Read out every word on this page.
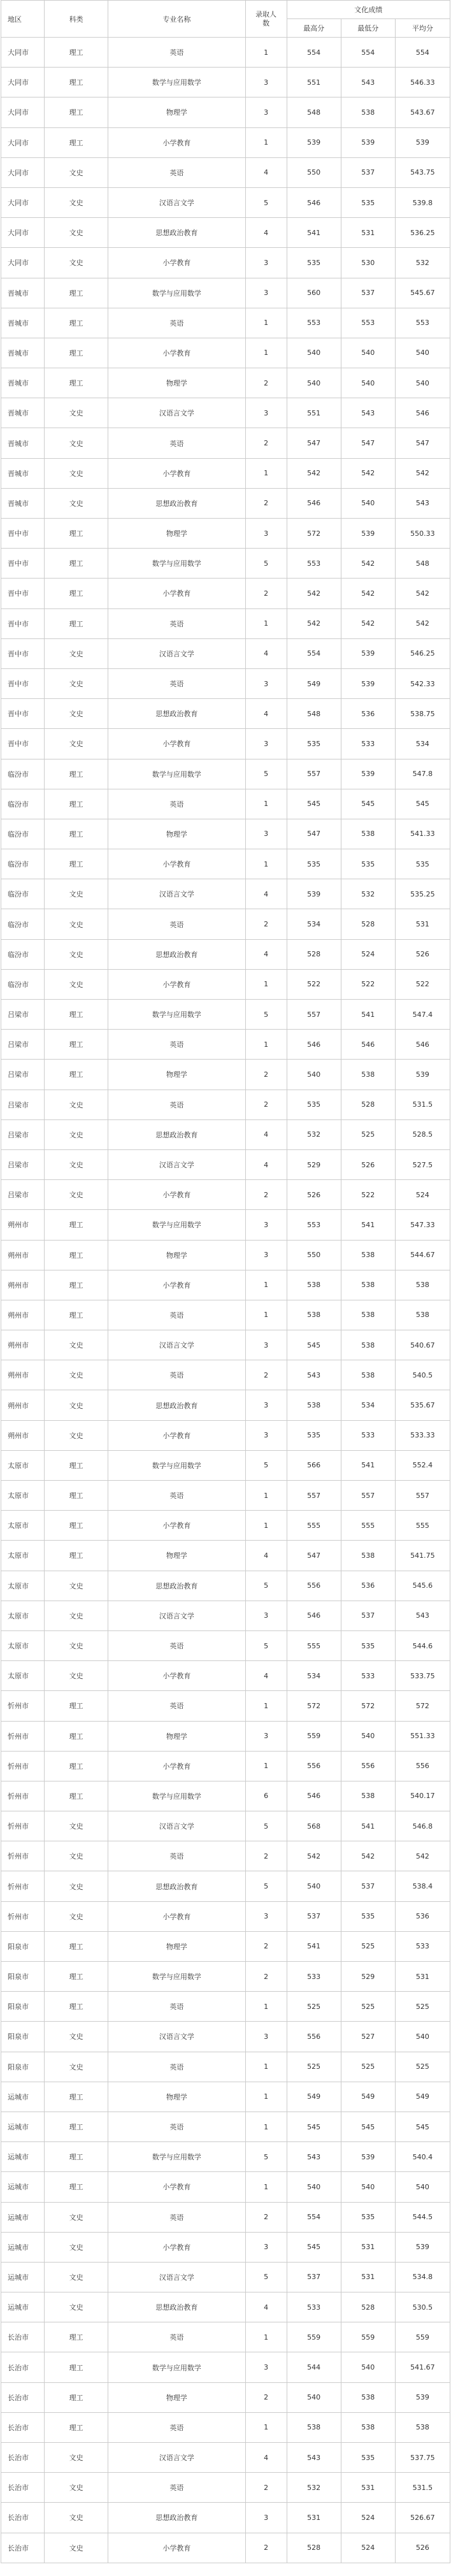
地区	科类	专业名称	录取人数	文化成绩		
				最高分	最低分	平均分
大同市	理工	英语	1	554	554	554
大同市	理工	数学与应用数学	3	551	543	546.33
大同市	理工	物理学	3	548	538	543.67
大同市	理工	小学教育	1	539	539	539
大同市	文史	英语	4	550	537	543.75
大同市	文史	汉语言文学	5	546	535	539.8
大同市	文史	思想政治教育	4	541	531	536.25
大同市	文史	小学教育	3	535	530	532
晋城市	理工	数学与应用数学	3	560	537	545.67
晋城市	理工	英语	1	553	553	553
晋城市	理工	小学教育	1	540	540	540
晋城市	理工	物理学	2	540	540	540
晋城市	文史	汉语言文学	3	551	543	546
晋城市	文史	英语	2	547	547	547
晋城市	文史	小学教育	1	542	542	542
晋城市	文史	思想政治教育	2	546	540	543
晋中市	理工	物理学	3	572	539	550.33
晋中市	理工	数学与应用数学	5	553	542	548
晋中市	理工	小学教育	2	542	542	542
晋中市	理工	英语	1	542	542	542
晋中市	文史	汉语言文学	4	554	539	546.25
晋中市	文史	英语	3	549	539	542.33
晋中市	文史	思想政治教育	4	548	536	538.75
晋中市	文史	小学教育	3	535	533	534
临汾市	理工	数学与应用数学	5	557	539	547.8
临汾市	理工	英语	1	545	545	545
临汾市	理工	物理学	3	547	538	541.33
临汾市	理工	小学教育	1	535	535	535
临汾市	文史	汉语言文学	4	539	532	535.25
临汾市	文史	英语	2	534	528	531
临汾市	文史	思想政治教育	4	528	524	526
临汾市	文史	小学教育	1	522	522	522
吕梁市	理工	数学与应用数学	5	557	541	547.4
吕梁市	理工	英语	1	546	546	546
吕梁市	理工	物理学	2	540	538	539
吕梁市	文史	英语	2	535	528	531.5
吕梁市	文史	思想政治教育	4	532	525	528.5
吕梁市	文史	汉语言文学	4	529	526	527.5
吕梁市	文史	小学教育	2	526	522	524
朔州市	理工	数学与应用数学	3	553	541	547.33
朔州市	理工	物理学	3	550	538	544.67
朔州市	理工	小学教育	1	538	538	538
朔州市	理工	英语	1	538	538	538
朔州市	文史	汉语言文学	3	545	538	540.67
朔州市	文史	英语	2	543	538	540.5
朔州市	文史	思想政治教育	3	538	534	535.67
朔州市	文史	小学教育	3	535	533	533.33
太原市	理工	数学与应用数学	5	566	541	552.4
太原市	理工	英语	1	557	557	557
太原市	理工	小学教育	1	555	555	555
太原市	理工	物理学	4	547	538	541.75
太原市	文史	思想政治教育	5	556	536	545.6
太原市	文史	汉语言文学	3	546	537	543
太原市	文史	英语	5	555	535	544.6
太原市	文史	小学教育	4	534	533	533.75
忻州市	理工	英语	1	572	572	572
忻州市	理工	物理学	3	559	540	551.33
忻州市	理工	小学教育	1	556	556	556
忻州市	理工	数学与应用数学	6	546	538	540.17
忻州市	文史	汉语言文学	5	568	541	546.8
忻州市	文史	英语	2	542	542	542
忻州市	文史	思想政治教育	5	540	537	538.4
忻州市	文史	小学教育	3	537	535	536
阳泉市	理工	物理学	2	541	525	533
阳泉市	理工	数学与应用数学	2	533	529	531
阳泉市	理工	英语	1	525	525	525
阳泉市	文史	汉语言文学	3	556	527	540
阳泉市	文史	英语	1	525	525	525
运城市	理工	物理学	1	549	549	549
运城市	理工	英语	1	545	545	545
运城市	理工	数学与应用数学	5	543	539	540.4
运城市	理工	小学教育	1	540	540	540
运城市	文史	英语	2	554	535	544.5
运城市	文史	小学教育	3	545	531	539
运城市	文史	汉语言文学	5	537	531	534.8
运城市	文史	思想政治教育	4	533	528	530.5
长治市	理工	英语	1	559	559	559
长治市	理工	数学与应用数学	3	544	540	541.67
长治市	理工	物理学	2	540	538	539
长治市	理工	英语	1	538	538	538
长治市	文史	汉语言文学	4	543	535	537.75
长治市	文史	英语	2	532	531	531.5
长治市	文史	思想政治教育	3	531	524	526.67
长治市	文史	小学教育	2	528	524	526
